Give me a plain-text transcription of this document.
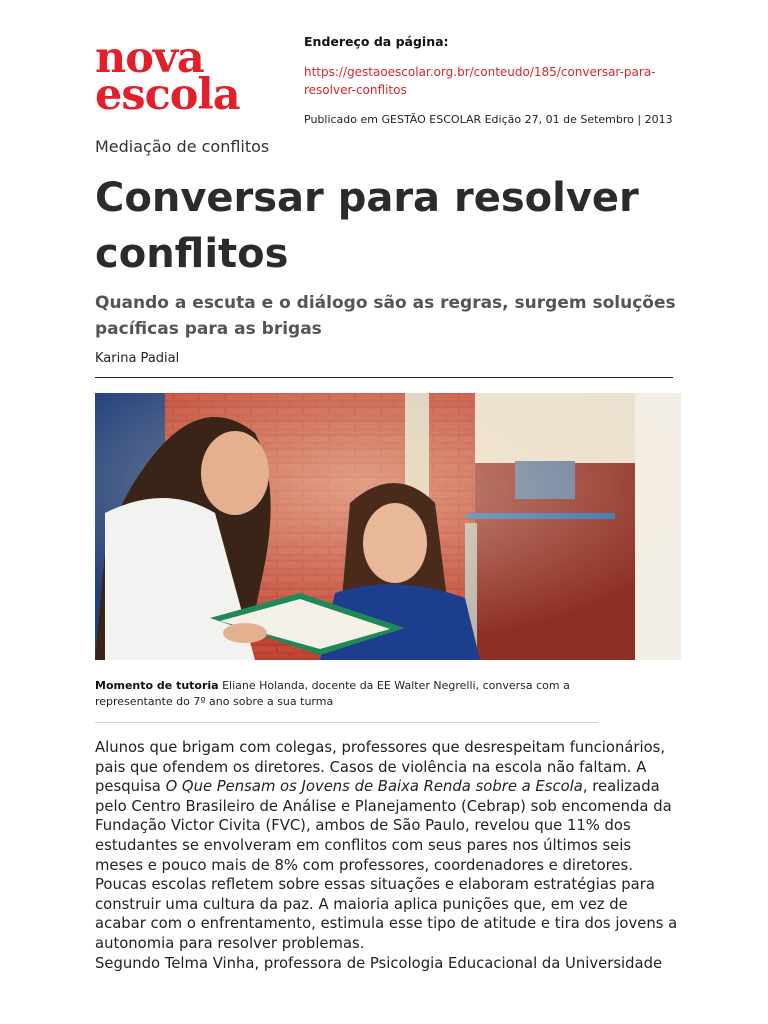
nova
escola
Endereço da página:
https://gestaoescolar.org.br/conteudo/185/conversar-para-
resolver-conflitos
Publicado em GESTÃO ESCOLAR Edição 27, 01 de Setembro | 2013
Mediação de conflitos
Conversar para resolver
conflitos

Quando a escuta e o diálogo são as regras, surgem soluções pacíficas para as brigas

Karina Padial
Momento de tutoria Eliane Holanda, docente da EE Walter Negrelli, conversa com a representante do 7º ano sobre a sua turma

Alunos que brigam com colegas, professores que desrespeitam funcionários, pais que ofendem os diretores. Casos de violência na escola não faltam. A pesquisa O Que Pensam os Jovens de Baixa Renda sobre a Escola, realizada pelo Centro Brasileiro de Análise e Planejamento (Cebrap) sob encomenda da Fundação Victor Civita (FVC), ambos de São Paulo, revelou que 11% dos estudantes se envolveram em conflitos com seus pares nos últimos seis meses e pouco mais de 8% com professores, coordenadores e diretores. Poucas escolas refletem sobre essas situações e elaboram estratégias para construir uma cultura da paz. A maioria aplica punições que, em vez de acabar com o enfrentamento, estimula esse tipo de atitude e tira dos jovens a autonomia para resolver problemas.

Segundo Telma Vinha, professora de Psicologia Educacional da Universidade
